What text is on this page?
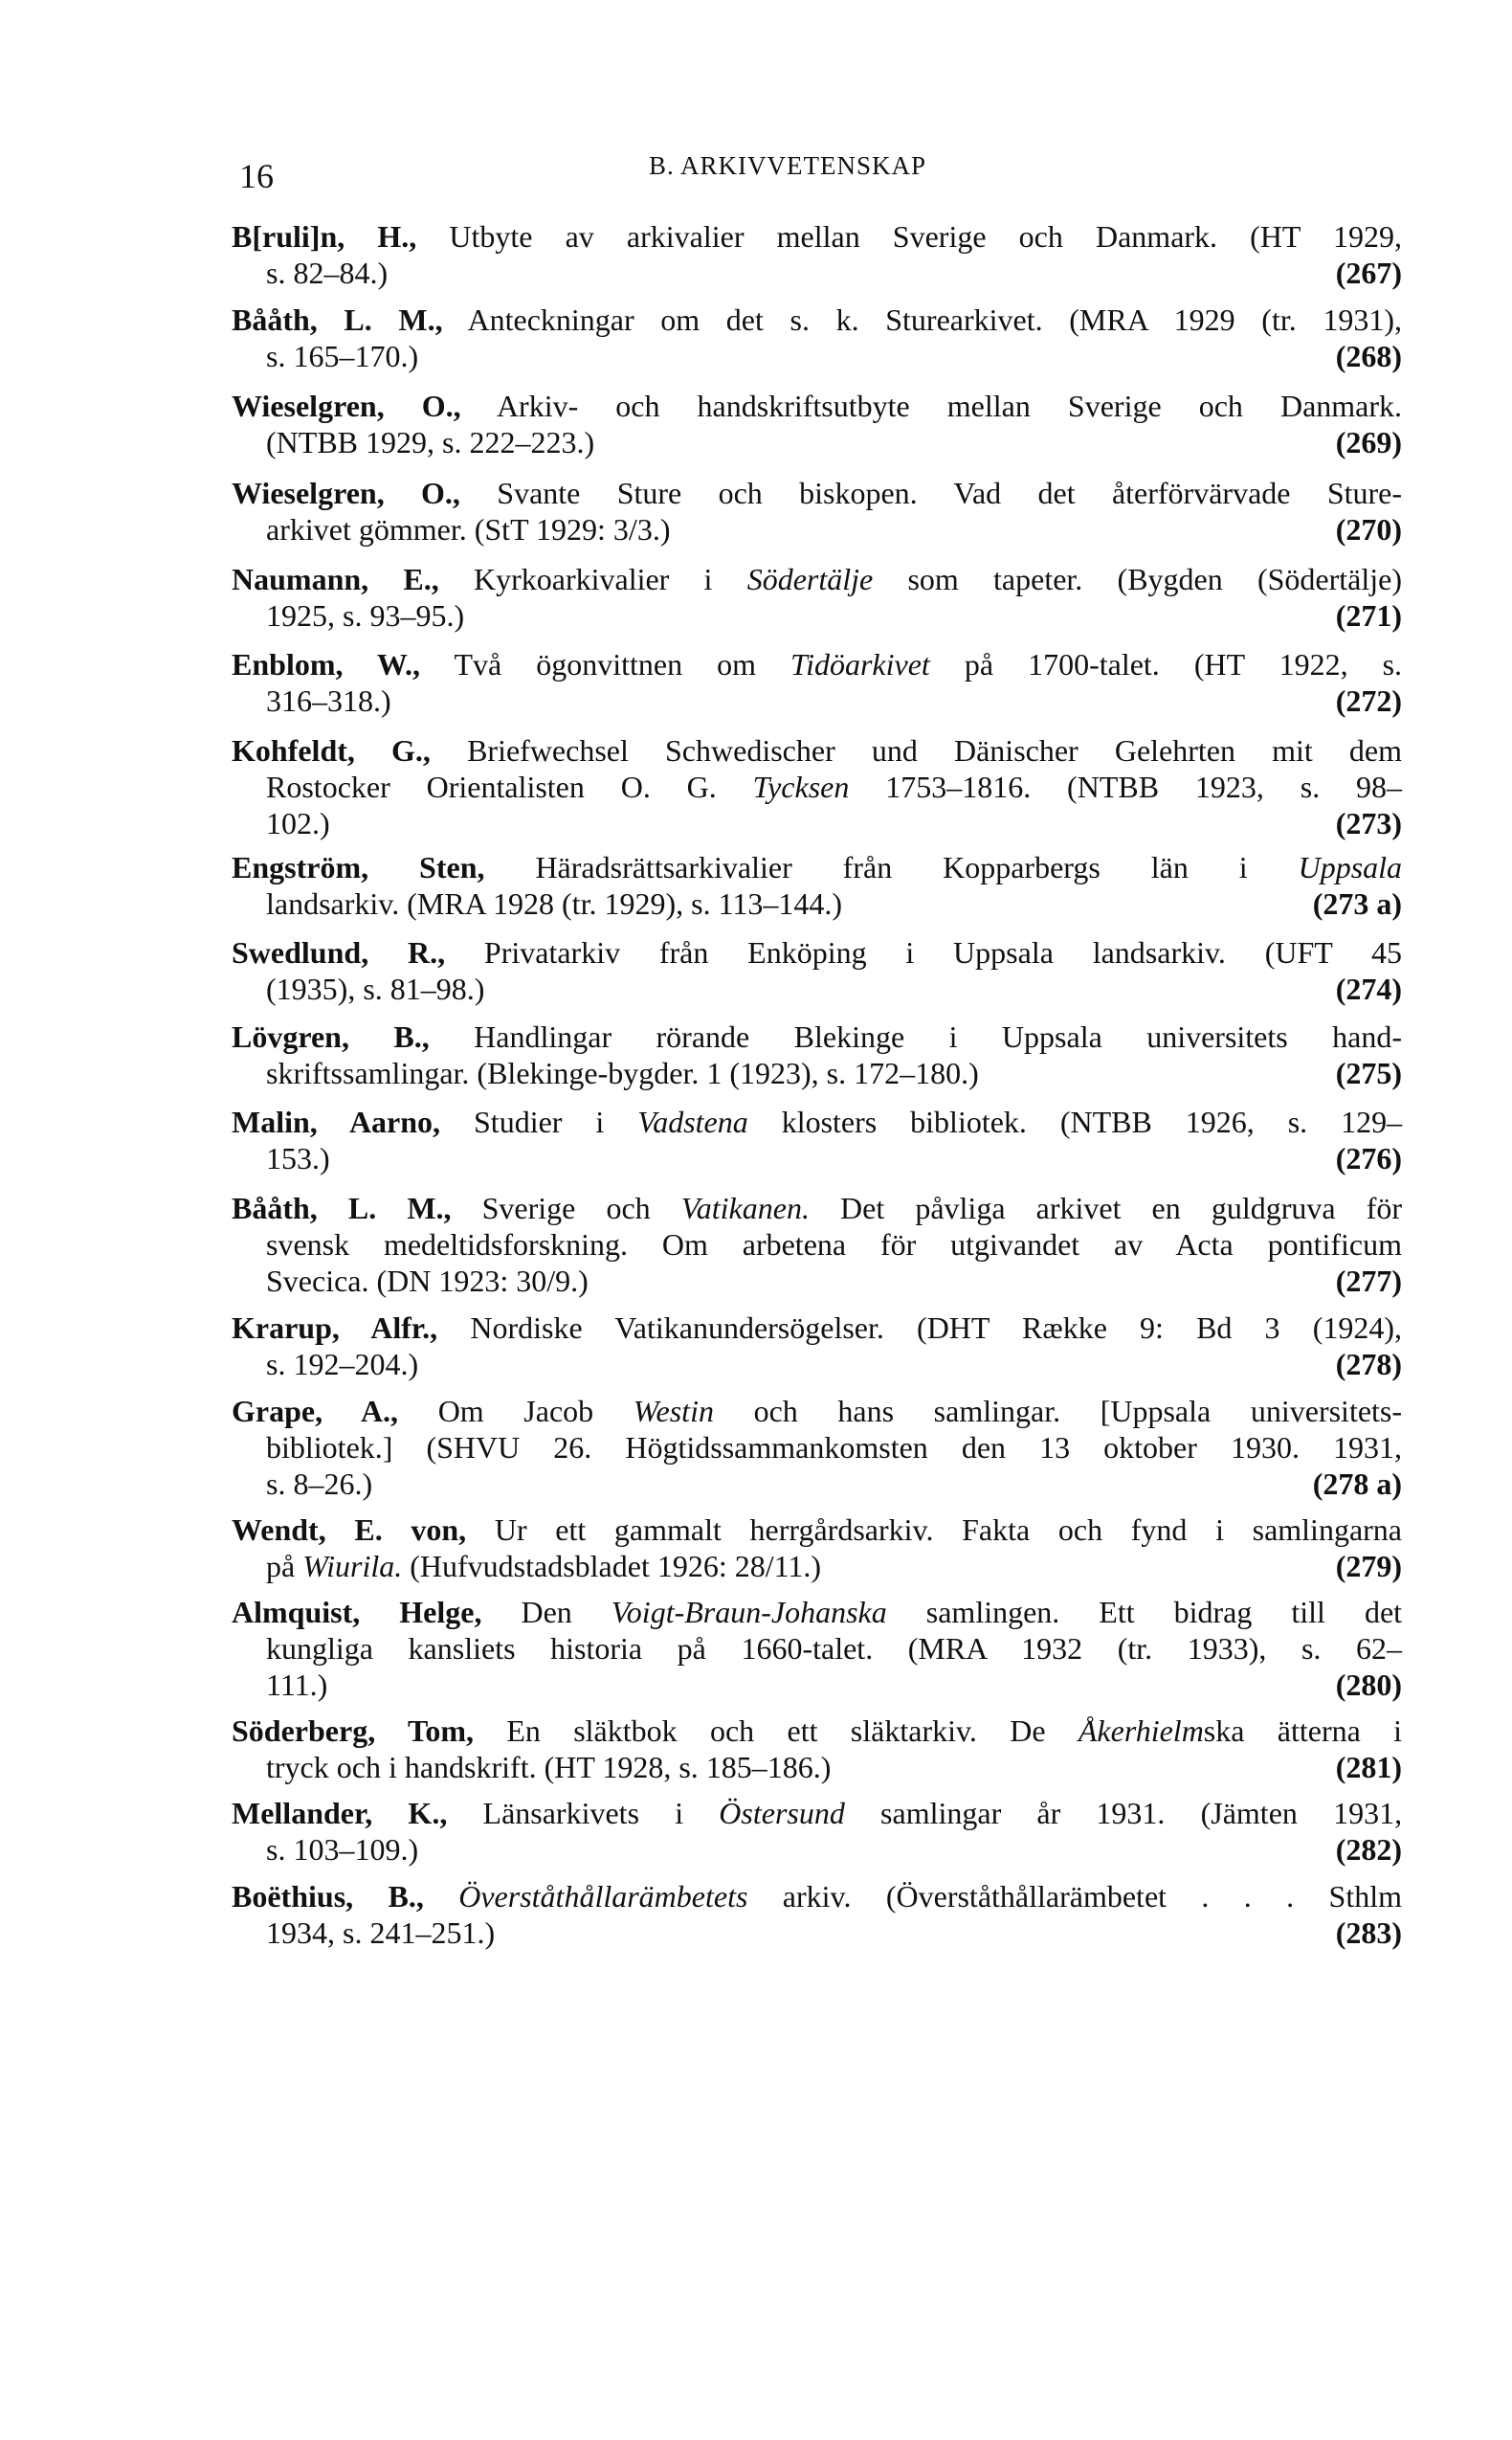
16	B. ARKIVVETENSKAP
B[ruli]n, H., Utbyte av arkivalier mellan Sverige och Danmark. (HT 1929,
s. 82–84.)	(267)
Bååth, L. M., Anteckningar om det s. k. Sturearkivet. (MRA 1929 (tr. 1931),
s. 165–170.)	(268)
Wieselgren, O., Arkiv- och handskriftsutbyte mellan Sverige och Danmark.
(NTBB 1929, s. 222–223.)	(269)
Wieselgren, O., Svante Sture och biskopen. Vad det återförvärvade Sture-
arkivet gömmer. (StT 1929: 3/3.)	(270)
Naumann, E., Kyrkoarkivalier i Södertälje som tapeter. (Bygden (Södertälje)
1925, s. 93–95.)	(271)
Enblom, W., Två ögonvittnen om Tidöarkivet på 1700-talet. (HT 1922, s.
316–318.)	(272)
Kohfeldt, G., Briefwechsel Schwedischer und Dänischer Gelehrten mit dem
Rostocker Orientalisten O. G. Tycksen 1753–1816. (NTBB 1923, s. 98–
102.)	(273)
Engström, Sten, Häradsrättsarkivalier från Kopparbergs län i Uppsala
landsarkiv. (MRA 1928 (tr. 1929), s. 113–144.)	(273 a)
Swedlund, R., Privatarkiv från Enköping i Uppsala landsarkiv. (UFT 45
(1935), s. 81–98.)	(274)
Lövgren, B., Handlingar rörande Blekinge i Uppsala universitets hand-
skriftssamlingar. (Blekinge-bygder. 1 (1923), s. 172–180.)	(275)
Malin, Aarno, Studier i Vadstena klosters bibliotek. (NTBB 1926, s. 129–
153.)	(276)
Bååth, L. M., Sverige och Vatikanen. Det påvliga arkivet en guldgruva för
svensk medeltidsforskning. Om arbetena för utgivandet av Acta pontificum
Svecica. (DN 1923: 30/9.)	(277)
Krarup, Alfr., Nordiske Vatikanundersögelser. (DHT Række 9: Bd 3 (1924),
s. 192–204.)	(278)
Grape, A., Om Jacob Westin och hans samlingar. [Uppsala universitets-
bibliotek.] (SHVU 26. Högtidssammankomsten den 13 oktober 1930. 1931,
s. 8–26.)	(278 a)
Wendt, E. von, Ur ett gammalt herrgårdsarkiv. Fakta och fynd i samlingarna
på Wiurila. (Hufvudstadsbladet 1926: 28/11.)	(279)
Almquist, Helge, Den Voigt-Braun-Johanska samlingen. Ett bidrag till det
kungliga kansliets historia på 1660-talet. (MRA 1932 (tr. 1933), s. 62–
111.)	(280)
Söderberg, Tom, En släktbok och ett släktarkiv. De Åkerhielmska ätterna i
tryck och i handskrift. (HT 1928, s. 185–186.)	(281)
Mellander, K., Länsarkivets i Östersund samlingar år 1931. (Jämten 1931,
s. 103–109.)	(282)
Boëthius, B., Överståthållarämbetets arkiv. (Överståthållarämbetet . . . Sthlm
1934, s. 241–251.)	(283)
